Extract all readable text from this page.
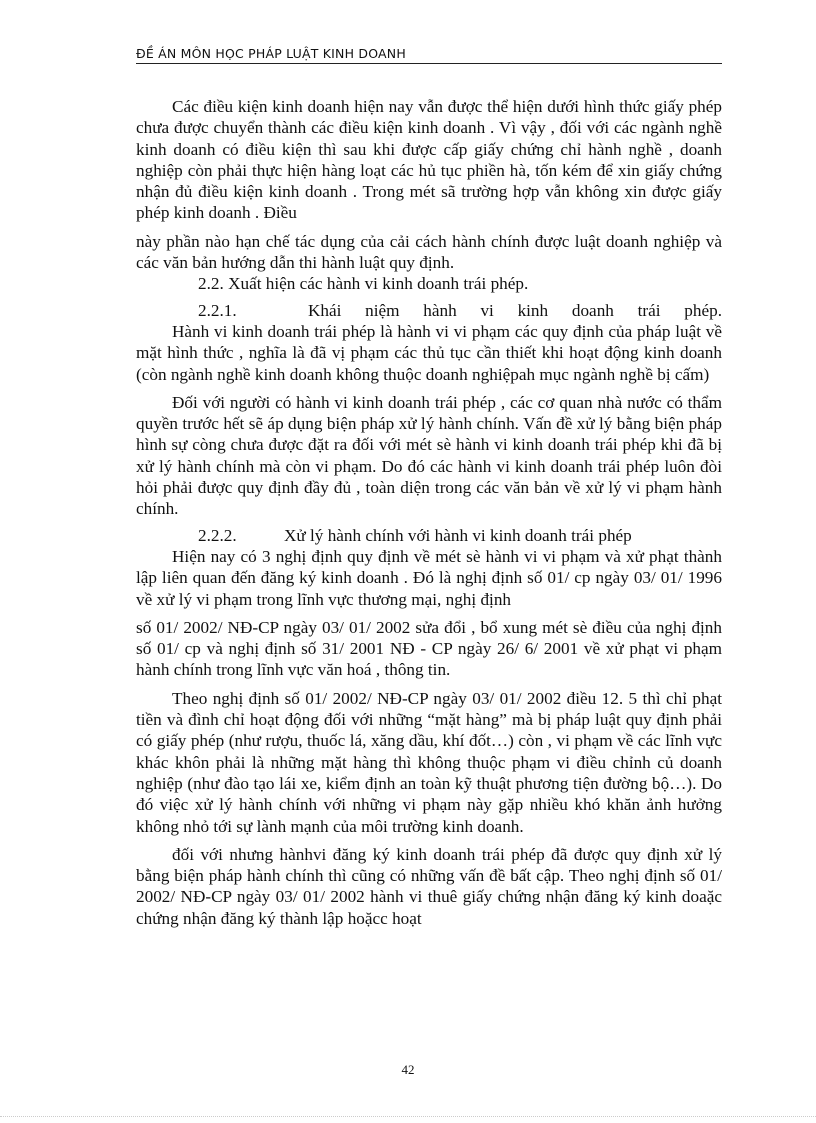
ĐỀ ÁN MÔN HỌC PHÁP LUẬT KINH DOANH

Các điều kiện kinh doanh hiện nay vẫn được thể hiện dưới hình thức giấy phép chưa được chuyển thành các điều kiện kinh doanh . Vì vậy , đối với các ngành nghề kinh doanh có điều kiện thì sau khi được cấp giấy chứng chỉ hành nghề , doanh nghiệp còn phải thực hiện hàng loạt các hủ tục phiền hà, tốn kém để xin giấy chứng nhận đủ điều kiện kinh doanh . Trong mét sã trường hợp vẫn không xin được giấy phép kinh doanh . Điều

này phần nào hạn chế tác dụng của cải cách hành chính được luật doanh nghiệp và các văn bản hướng dẫn thi hành luật quy định.

2.2. Xuất hiện các hành vi kinh doanh trái phép.

2.2.1.	Khái niệm hành vi kinh doanh trái phép.

Hành vi kinh doanh trái phép là hành vi vi phạm các quy định của pháp luật về mặt hình thức , nghĩa là đã vị phạm các thủ tục cần thiết khi hoạt động kinh doanh (còn ngành nghề kinh doanh không thuộc doanh nghiệpah mục ngành nghề bị cấm)

Đối với người có hành vi kinh doanh trái phép , các cơ quan nhà nước có thẩm quyền trước hết sẽ áp dụng biện pháp xử lý hành chính. Vấn đề xử lý bằng biện pháp hình sự còng chưa được đặt ra đối với mét sè hành vi kinh doanh trái phép khi đã bị xử lý hành chính mà còn vi phạm. Do đó các hành vi kinh doanh trái phép luôn đòi hỏi phải được quy định đầy đủ , toàn diện trong các văn bản về xử lý vi phạm hành chính.

2.2.2.	Xử lý hành chính với hành vi kinh doanh trái phép

Hiện nay có 3 nghị định quy định về mét sè hành vi vi phạm và xử phạt thành lập liên quan đến đăng ký kinh doanh . Đó là nghị định số 01/ cp ngày 03/ 01/ 1996 về xử lý vi phạm trong lĩnh vực thương mại, nghị định

số 01/ 2002/ NĐ-CP ngày 03/ 01/ 2002 sửa đổi , bổ xung mét sè điều của nghị định số 01/ cp và nghị định số 31/ 2001 NĐ - CP ngày 26/ 6/ 2001 về xử phạt vi phạm hành chính trong lĩnh vực văn hoá , thông tin.

Theo nghị định số 01/ 2002/ NĐ-CP ngày 03/ 01/ 2002 điều 12. 5 thì chỉ phạt tiền và đình chỉ hoạt động đối với những “mặt hàng” mà bị pháp luật quy định phải có giấy phép (như rượu, thuốc lá, xăng dầu, khí đốt…) còn , vi phạm về các lĩnh vực khác khôn phải là những mặt hàng thì không thuộc phạm vi điều chỉnh củ doanh nghiệp (như đào tạo lái xe, kiểm định an toàn kỹ thuật phương tiện đường bộ…). Do đó việc xử lý hành chính với những vi phạm này gặp nhiều khó khăn ảnh hưởng không nhỏ tới sự lành mạnh của môi trường kinh doanh.

đối với nhưng hànhvi đăng ký kinh doanh trái phép đã được quy định xử lý bằng biện pháp hành chính thì cũng có những vấn đề bất cập. Theo nghị định số 01/ 2002/ NĐ-CP ngày 03/ 01/ 2002 hành vi thuê giấy chứng nhận đăng ký kinh doaặc chứng nhận đăng ký thành lập hoặcc hoạt

42
